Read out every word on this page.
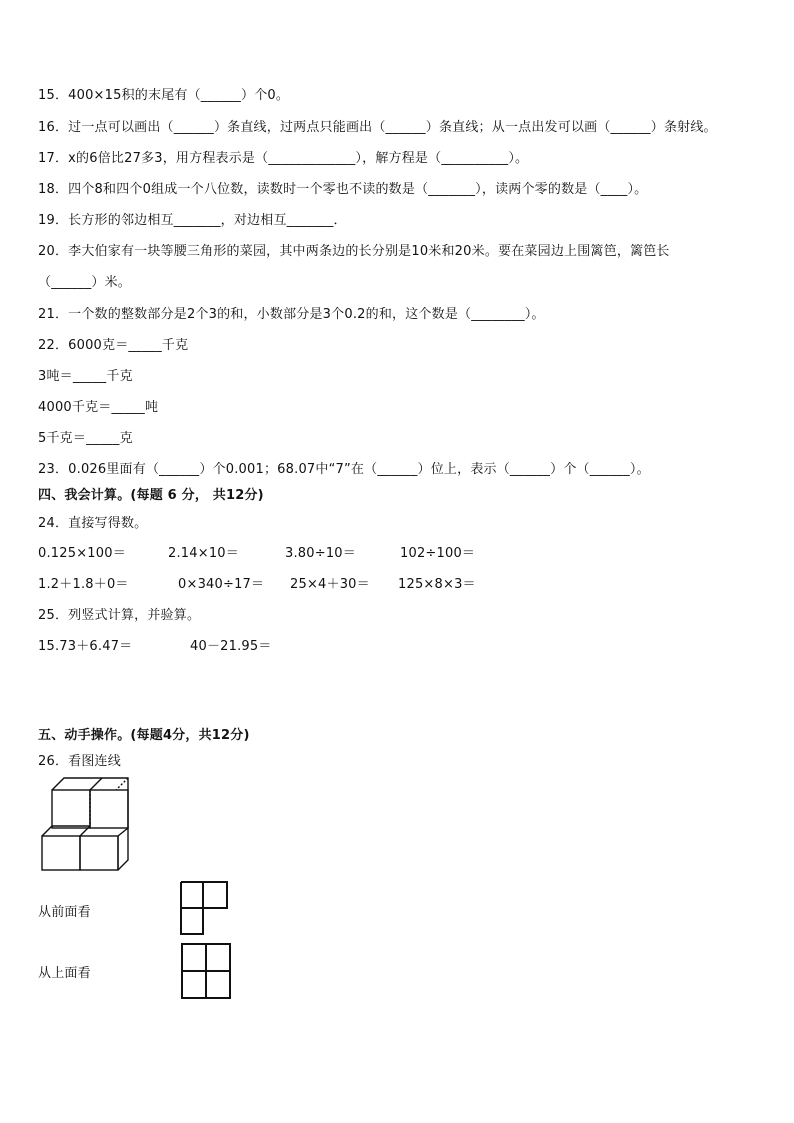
15．400×15积的末尾有（______）个0。
16．过一点可以画出（______）条直线，过两点只能画出（______）条直线；从一点出发可以画（______）条射线。
17．x的6倍比27多3，用方程表示是（_____________），解方程是（__________）。
18．四个8和四个0组成一个八位数，读数时一个零也不读的数是（_______），读两个零的数是（____）。
19．长方形的邻边相互_______，对边相互_______．
20．李大伯家有一块等腰三角形的菜园，其中两条边的长分别是10米和20米。要在菜园边上围篱笆，篱笆长
（______）米。
21．一个数的整数部分是2个3的和，小数部分是3个0.2的和，这个数是（________）。
22．6000克＝_____千克
3吨＝_____千克
4000千克＝_____吨
5千克＝_____克
23．0.026里面有（______）个0.001；68.07中“7”在（______）位上，表示（______）个（______）。
四、我会计算。(每题 6 分， 共12分)
24．直接写得数。
0.125×100＝	2.14×10＝	3.80÷10＝	102÷100＝
1.2＋1.8＋0＝	0×340÷17＝ 25×4＋30＝ 125×8×3＝
25．列竖式计算，并验算。
15.73＋6.47＝	40－21.95＝
五、动手操作。(每题4分，共12分)
26．看图连线
从前面看
从上面看
